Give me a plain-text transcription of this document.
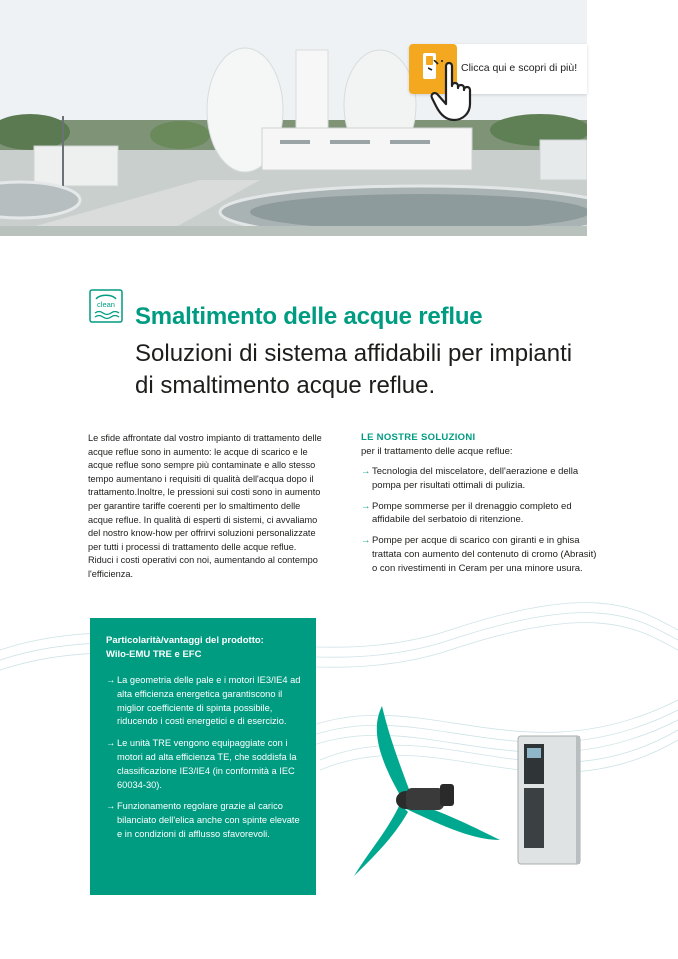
Clicca qui e scopri di più!
clean Smaltimento delle acque reflue
Soluzioni di sistema affidabili per impianti di smaltimento acque reflue.
Le sfide affrontate dal vostro impianto di trattamento delle acque reflue sono in aumento: le acque di scarico e le acque reflue sono sempre più contaminate e allo stesso tempo aumentano i requisiti di qualità dell'acqua dopo il trattamento.Inoltre, le pressioni sui costi sono in aumento per garantire tariffe coerenti per lo smaltimento delle acque reflue. In qualità di esperti di sistemi, ci avvaliamo del nostro know-how per offrirvi soluzioni personalizzate per tutti i processi di trattamento delle acque reflue. Riduci i costi operativi con noi, aumentando al contempo l'efficienza.
LE NOSTRE SOLUZIONI
per il trattamento delle acque reflue:
→ Tecnologia del miscelatore, dell'aerazione e della pompa per risultati ottimali di pulizia.
→ Pompe sommerse per il drenaggio completo ed affidabile del serbatoio di ritenzione.
→ Pompe per acque di scarico con giranti e in ghisa trattata con aumento del contenuto di cromo (Abrasit) o con rivestimenti in Ceram per una minore usura.
Particolarità/vantaggi del prodotto:
Wilo-EMU TRE e EFC
→ La geometria delle pale e i motori IE3/IE4 ad alta efficienza energetica garantiscono il miglior coefficiente di spinta possibile, riducendo i costi energetici e di esercizio.
→ Le unità TRE vengono equipaggiate con i motori ad alta efficienza TE, che soddisfa la classificazione IE3/IE4 (in conformità a IEC 60034-30).
→ Funzionamento regolare grazie al carico bilanciato dell'elica anche con spinte elevate e in condizioni di afflusso sfavorevoli.
